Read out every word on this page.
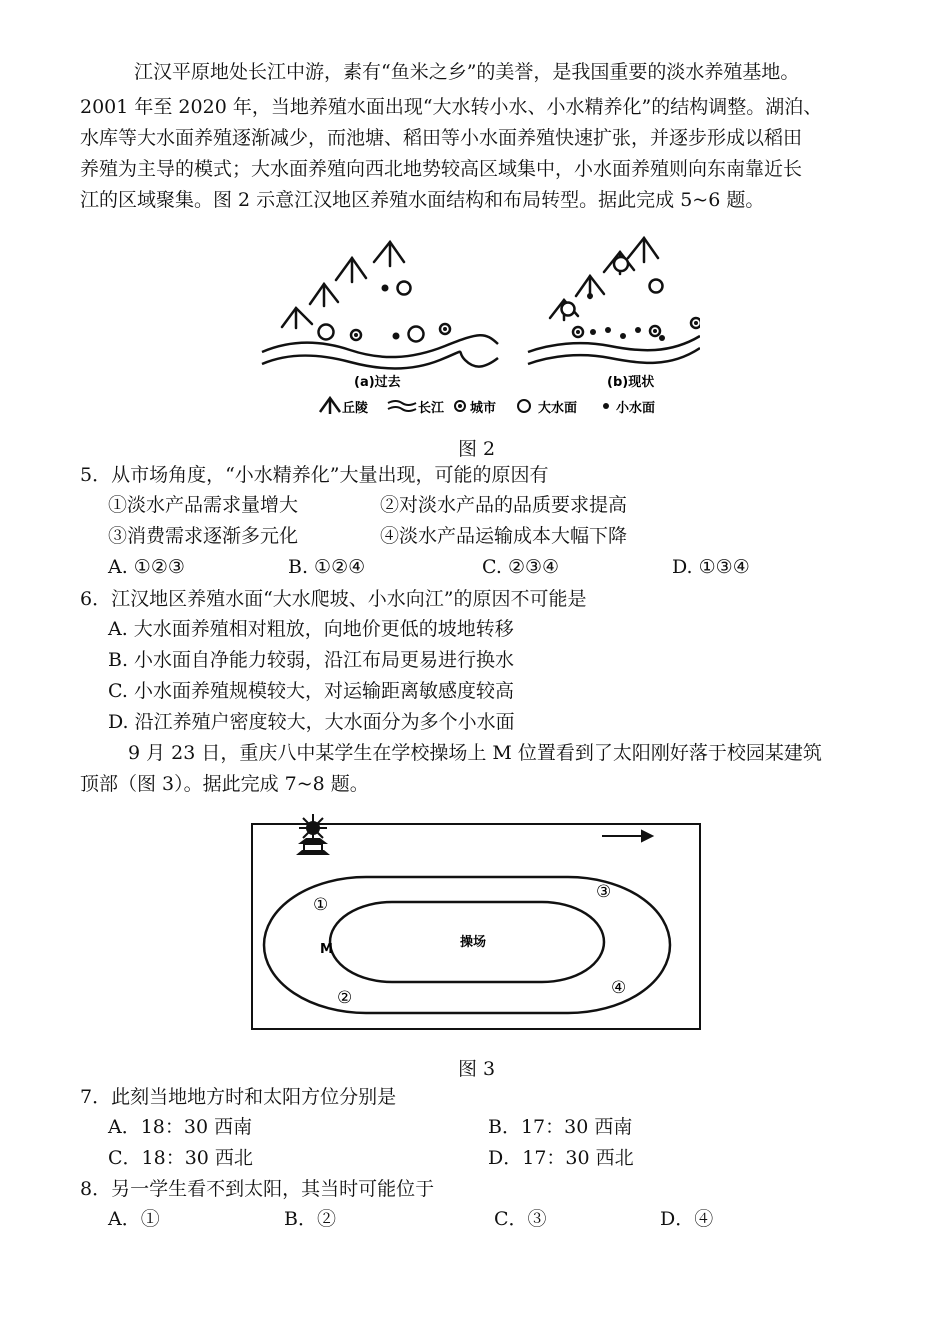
江汉平原地处长江中游，素有“鱼米之乡”的美誉，是我国重要的淡水养殖基地。
2001 年至 2020 年，当地养殖水面出现“大水转小水、小水精养化”的结构调整。湖泊、
水库等大水面养殖逐渐减少，而池塘、稻田等小水面养殖快速扩张，并逐步形成以稻田
养殖为主导的模式；大水面养殖向西北地势较高区域集中，小水面养殖则向东南靠近长
江的区域聚集。图 2 示意江汉地区养殖水面结构和布局转型。据此完成 5~6 题。
(a)过去	(b)现状
丘陵	长江 城市	大水面	小水面
图 2
5．从市场角度，“小水精养化”大量出现，可能的原因有
①淡水产品需求量增大	②对淡水产品的品质要求提高
③消费需求逐渐多元化	④淡水产品运输成本大幅下降
A. ①②③	B. ①②④	C. ②③④	D. ①③④
6．江汉地区养殖水面“大水爬坡、小水向江”的原因不可能是
A. 大水面养殖相对粗放，向地价更低的坡地转移
B. 小水面自净能力较弱，沿江布局更易进行换水
C. 小水面养殖规模较大，对运输距离敏感度较高
D. 沿江养殖户密度较大，大水面分为多个小水面
9 月 23 日，重庆八中某学生在学校操场上 M 位置看到了太阳刚好落于校园某建筑
顶部（图 3）。据此完成 7~8 题。
操场
M
①
②
③
④
图 3
7．此刻当地地方时和太阳方位分别是
A．18：30 西南	B．17：30 西南
C．18：30 西北	D．17：30 西北
8．另一学生看不到太阳，其当时可能位于
A．①	B．②	C．③	D．④
